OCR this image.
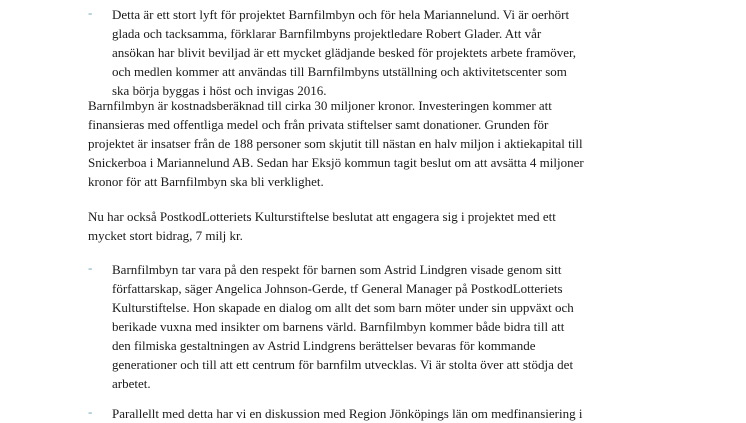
- Detta är ett stort lyft för projektet Barnfilmbyn och för hela Mariannelund. Vi är oerhört
glada och tacksamma, förklarar Barnfilmbyns projektledare Robert Glader. Att vår
ansökan har blivit beviljad är ett mycket glädjande besked för projektets arbete framöver,
och medlen kommer att användas till Barnfilmbyns utställning och aktivitetscenter som
ska börja byggas i höst och invigas 2016.
Barnfilmbyn är kostnadsberäknad till cirka 30 miljoner kronor. Investeringen kommer att
finansieras med offentliga medel och från privata stiftelser samt donationer. Grunden för
projektet är insatser från de 188 personer som skjutit till nästan en halv miljon i aktiekapital till
Snickerboa i Mariannelund AB. Sedan har Eksjö kommun tagit beslut om att avsätta 4 miljoner
kronor för att Barnfilmbyn ska bli verklighet.
Nu har också PostkodLotteriets Kulturstiftelse beslutat att engagera sig i projektet med ett
mycket stort bidrag, 7 milj kr.
- Barnfilmbyn tar vara på den respekt för barnen som Astrid Lindgren visade genom sitt
författarskap, säger Angelica Johnson-Gerde, tf General Manager på PostkodLotteriets
Kulturstiftelse. Hon skapade en dialog om allt det som barn möter under sin uppväxt och
berikade vuxna med insikter om barnens värld. Barnfilmbyn kommer både bidra till att
den filmiska gestaltningen av Astrid Lindgrens berättelser bevaras för kommande
generationer och till att ett centrum för barnfilm utvecklas. Vi är stolta över att stödja det
arbetet.
- Parallellt med detta har vi en diskussion med Region Jönköpings län om medfinansiering i
